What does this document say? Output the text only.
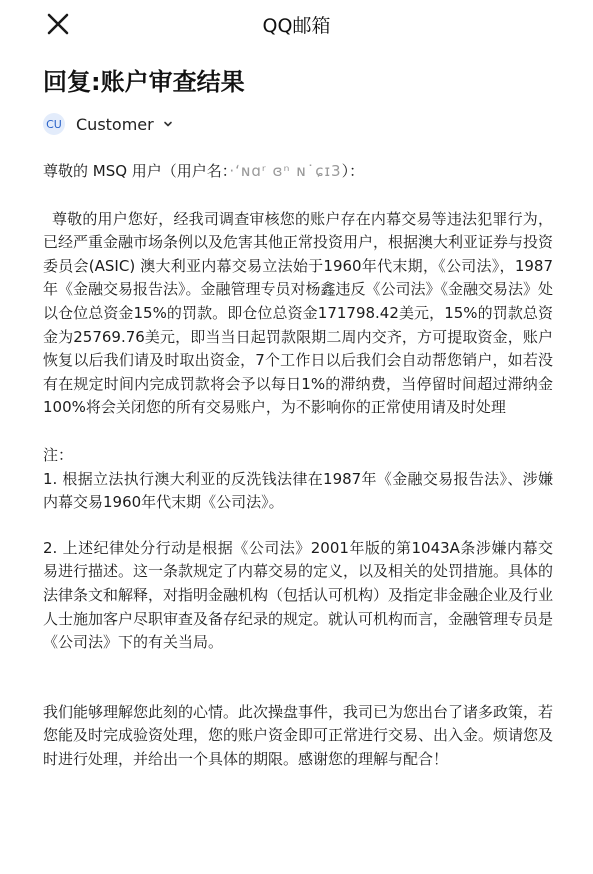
QQ邮箱
回复:账户审查结果
CU Customer

尊敬的 MSQ 用户（用户名：·ʻɴɑʳ ɞⁿ ɴ˙ɕɪ3）：

尊敬的用户您好，经我司调查审核您的账户存在内幕交易等违法犯罪行为，已经严重金融市场条例以及危害其他正常投资用户，根据澳大利亚证券与投资委员会(ASIC) 澳大利亚内幕交易立法始于1960年代末期，《公司法》，1987年《金融交易报告法》。金融管理专员对杨鑫违反《公司法》《金融交易法》处以仓位总资金15%的罚款。即仓位总资金171798.42美元，15%的罚款总资金为25769.76美元，即当当日起罚款限期二周内交齐，方可提取资金，账户恢复以后我们请及时取出资金，7个工作日以后我们会自动帮您销户，如若没有在规定时间内完成罚款将会予以每日1%的滞纳费，当停留时间超过滞纳金100%将会关闭您的所有交易账户，为不影响你的正常使用请及时处理

注：

1. 根据立法执行澳大利亚的反洗钱法律在1987年《金融交易报告法》、涉嫌内幕交易1960年代末期《公司法》。

2. 上述纪律处分行动是根据《公司法》2001年版的第1043A条涉嫌内幕交易进行描述。这一条款规定了内幕交易的定义，以及相关的处罚措施。具体的法律条文和解释，对指明金融机构（包括认可机构）及指定非金融企业及行业人士施加客户尽职审查及备存纪录的规定。就认可机构而言，金融管理专员是《公司法》下的有关当局。

我们能够理解您此刻的心情。此次操盘事件，我司已为您出台了诸多政策，若您能及时完成验资处理，您的账户资金即可正常进行交易、出入金。烦请您及时进行处理，并给出一个具体的期限。感谢您的理解与配合！
